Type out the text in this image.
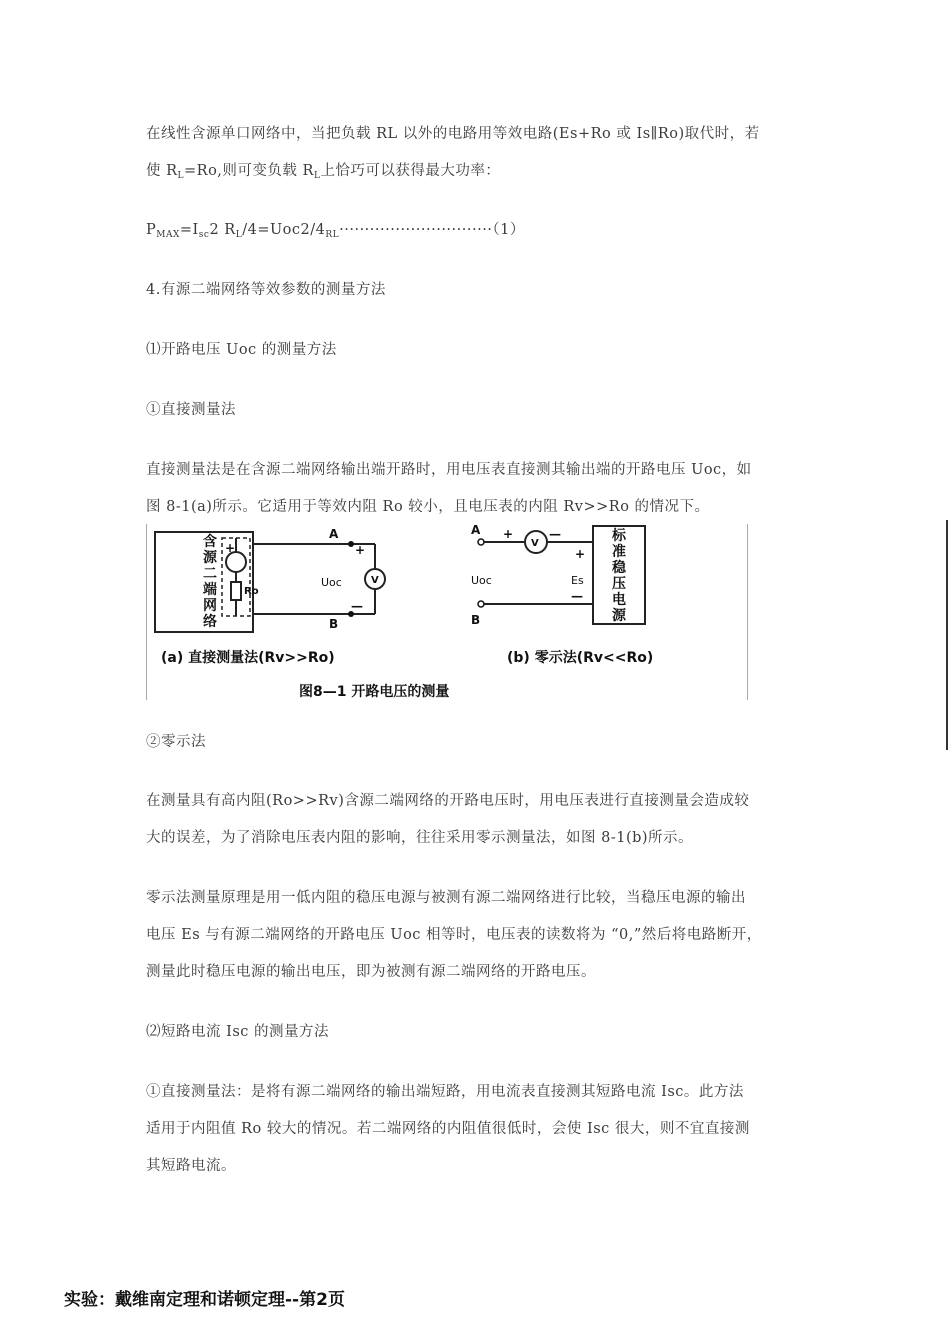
在线性含源单口网络中，当把负载 RL 以外的电路用等效电路(Es+Ro 或 Is∥Ro)取代时，若
使 $R_L=Ro$,则可变负载 $R_L$上恰巧可以获得最大功率：
$P_{MAX}=I_{sc}2$ $R_L/4=Uoc2/4_{RL}\cdot\cdot\cdot\cdot\cdot\cdot\cdot\cdot\cdot\cdot\cdot\cdot\cdot\cdot\cdot\cdot\cdot\cdot\cdot\cdot\cdot\cdot\cdot\cdot\cdot\cdot\cdot\cdot\cdot\cdot(1)$
4.有源二端网络等效参数的测量方法
⑴开路电压 Uoc 的测量方法
①直接测量法
直接测量法是在含源二端网络输出端开路时，用电压表直接测其输出端的开路电压 Uoc，如
图 8-1(a)所示。它适用于等效内阻 Ro 较小，且电压表的内阻 Rv>>Ro 的情况下。
含
源
二
端
网
络
+
Ro
A
B
+
—
Uoc	V
A
B
+	—
V
+
—
Uoc	Es
标
准
稳
压
电
源
(a) 直接测量法(Rv>>Ro)	(b) 零示法(Rv<<Ro)
图8—1 开路电压的测量
②零示法
在测量具有高内阻(Ro>>Rv)含源二端网络的开路电压时，用电压表进行直接测量会造成较
大的误差，为了消除电压表内阻的影响，往往采用零示测量法，如图 8-1(b)所示。
零示法测量原理是用一低内阻的稳压电源与被测有源二端网络进行比较，当稳压电源的输出
电压 Es 与有源二端网络的开路电压 Uoc 相等时，电压表的读数将为 “0,”然后将电路断开，
测量此时稳压电源的输出电压，即为被测有源二端网络的开路电压。
⑵短路电流 Isc 的测量方法
①直接测量法：是将有源二端网络的输出端短路，用电流表直接测其短路电流 Isc。此方法
适用于内阻值 Ro 较大的情况。若二端网络的内阻值很低时，会使 Isc 很大，则不宜直接测
其短路电流。
实验：戴维南定理和诺顿定理--第2页
